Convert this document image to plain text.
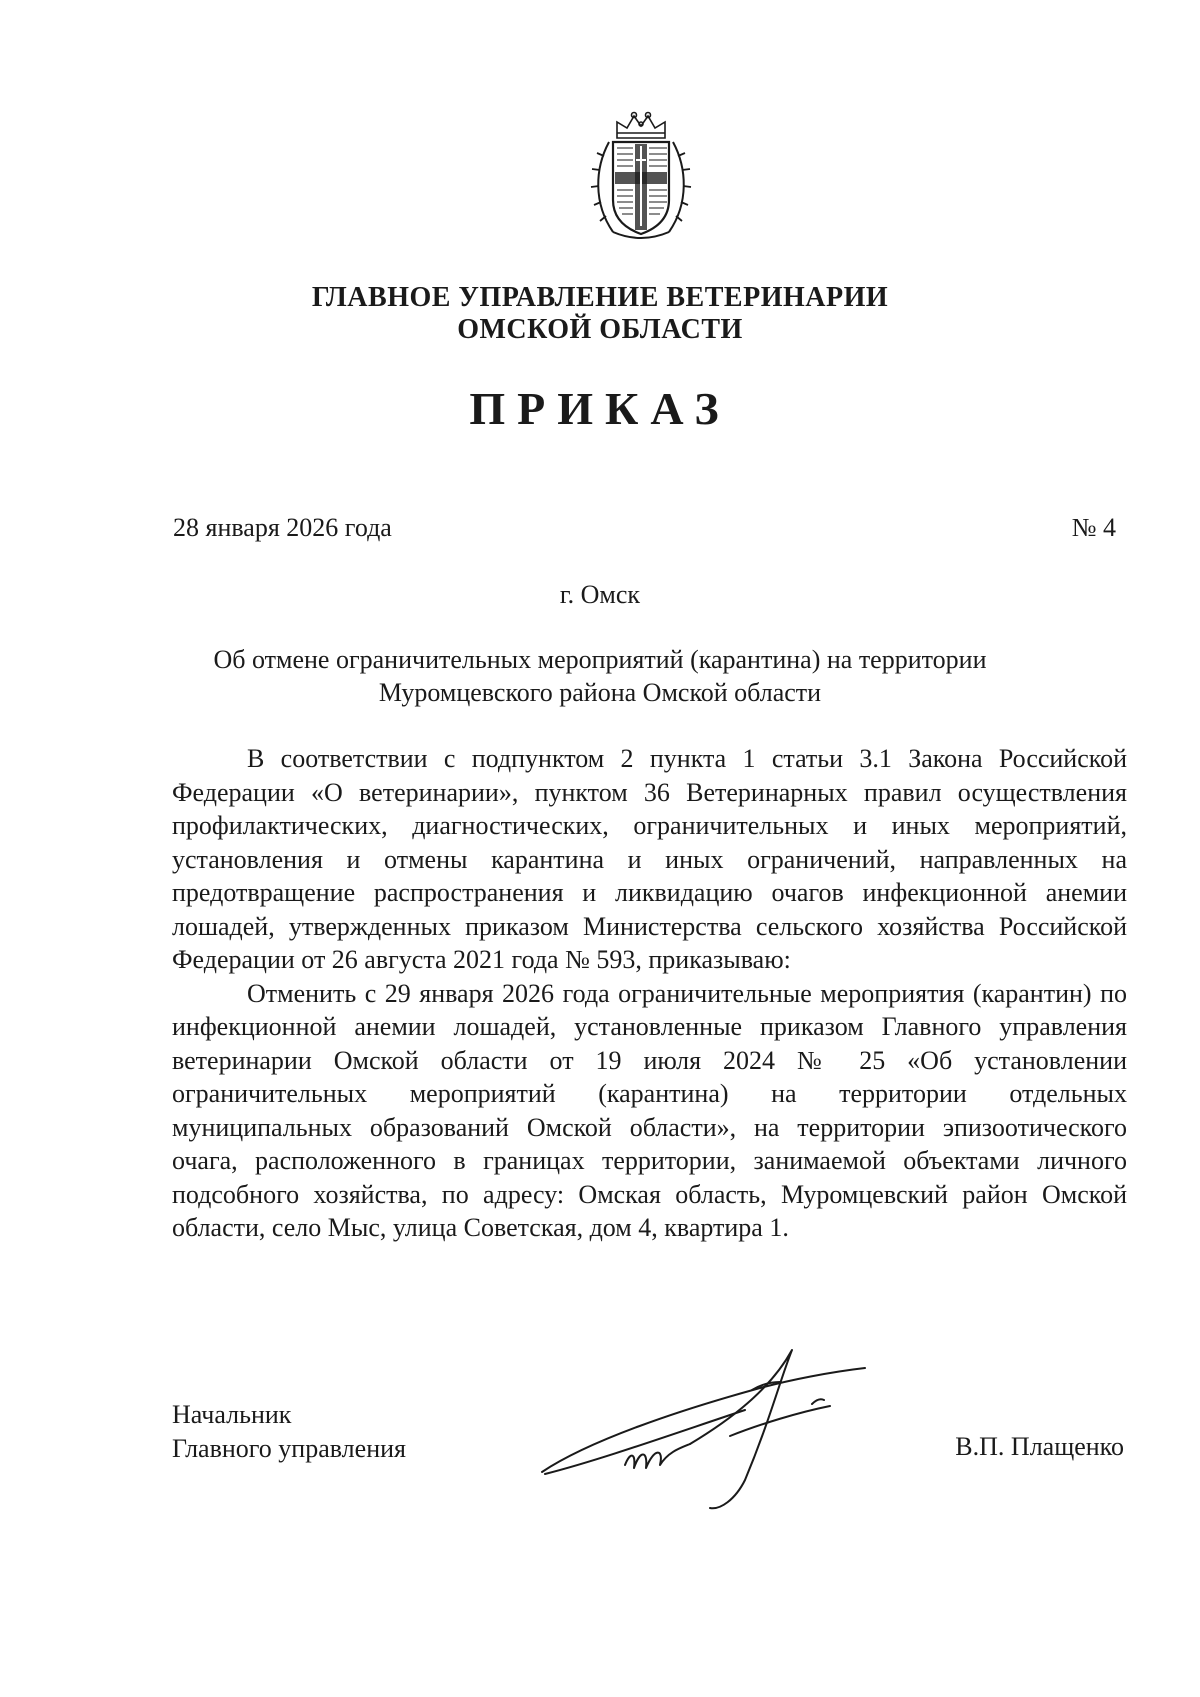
ГЛАВНОЕ УПРАВЛЕНИЕ ВЕТЕРИНАРИИ
ОМСКОЙ ОБЛАСТИ
ПРИКАЗ
28 января 2026 года	№ 4
г. Омск
Об отмене ограничительных мероприятий (карантина) на территории
Муромцевского района Омской области

В соответствии с подпунктом 2 пункта 1 статьи 3.1 Закона Российской Федерации «О ветеринарии», пунктом 36 Ветеринарных правил осуществления профилактических, диагностических, ограничительных и иных мероприятий, установления и отмены карантина и иных ограничений, направленных на предотвращение распространения и ликвидацию очагов инфекционной анемии лошадей, утвержденных приказом Министерства сельского хозяйства Российской Федерации от 26 августа 2021 года № 593, приказываю:

Отменить с 29 января 2026 года ограничительные мероприятия (карантин) по инфекционной анемии лошадей, установленные приказом Главного управления ветеринарии Омской области от 19 июля 2024 № 25 «Об установлении ограничительных мероприятий (карантина) на территории отдельных муниципальных образований Омской области», на территории эпизоотического очага, расположенного в границах территории, занимаемой объектами личного подсобного хозяйства, по адресу: Омская область, Муромцевский район Омской области, село Мыс, улица Советская, дом 4, квартира 1.

Начальник
Главного управления	В.П. Плащенко
